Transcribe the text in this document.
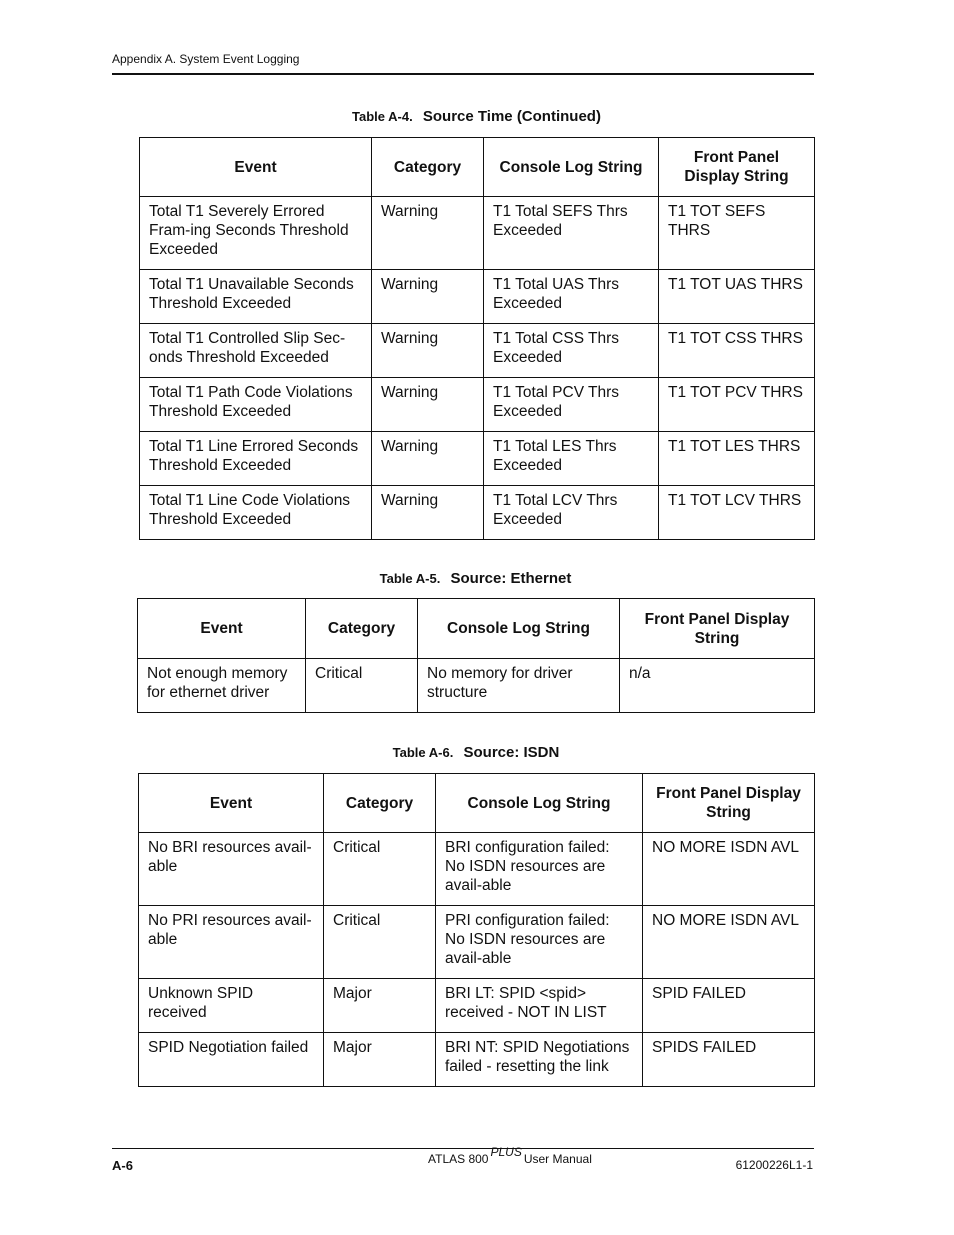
Appendix A. System Event Logging
Table A-4. Source Time (Continued)
Event	Category	Console Log String	Front Panel Display String
Total T1 Severely Errored Fram-ing Seconds Threshold Exceeded	Warning	T1 Total SEFS Thrs Exceeded	T1 TOT SEFS THRS
Total T1 Unavailable Seconds Threshold Exceeded	Warning	T1 Total UAS Thrs Exceeded	T1 TOT UAS THRS
Total T1 Controlled Slip Sec-onds Threshold Exceeded	Warning	T1 Total CSS Thrs Exceeded	T1 TOT CSS THRS
Total T1 Path Code Violations Threshold Exceeded	Warning	T1 Total PCV Thrs Exceeded	T1 TOT PCV THRS
Total T1 Line Errored Seconds Threshold Exceeded	Warning	T1 Total LES Thrs Exceeded	T1 TOT LES THRS
Total T1 Line Code Violations Threshold Exceeded	Warning	T1 Total LCV Thrs Exceeded	T1 TOT LCV THRS
Table A-5. Source: Ethernet
Event	Category	Console Log String	Front Panel Display String
Not enough memory for ethernet driver	Critical	No memory for driver structure	n/a
Table A-6. Source: ISDN
Event	Category	Console Log String	Front Panel Display String
No BRI resources avail-able	Critical	BRI configuration failed: No ISDN resources are avail-able	NO MORE ISDN AVL
No PRI resources avail-able	Critical	PRI configuration failed: No ISDN resources are avail-able	NO MORE ISDN AVL
Unknown SPID received	Major	BRI LT: SPID <spid> received - NOT IN LIST	SPID FAILED
SPID Negotiation failed	Major	BRI NT: SPID Negotiations failed - resetting the link	SPIDS FAILED
A-6	ATLAS 800 PLUS User Manual	61200226L1-1
